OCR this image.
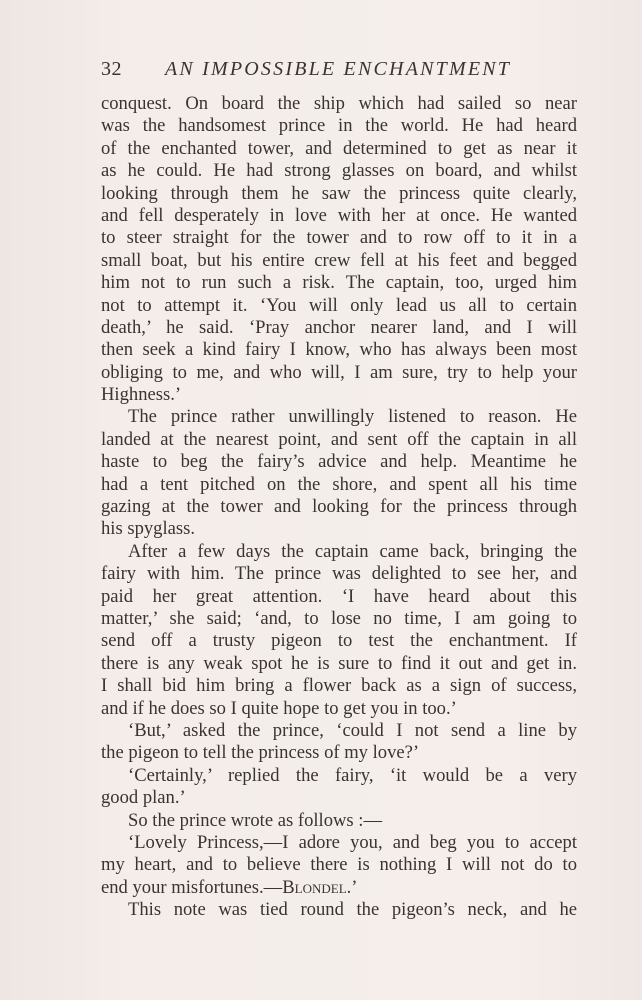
32 AN IMPOSSIBLE ENCHANTMENT
conquest. On board the ship which had sailed so near
was the handsomest prince in the world. He had heard
of the enchanted tower, and determined to get as near it
as he could. He had strong glasses on board, and whilst
looking through them he saw the princess quite clearly,
and fell desperately in love with her at once. He wanted
to steer straight for the tower and to row off to it in a
small boat, but his entire crew fell at his feet and begged
him not to run such a risk. The captain, too, urged him
not to attempt it. ‘You will only lead us all to certain
death,’ he said. ‘Pray anchor nearer land, and I will
then seek a kind fairy I know, who has always been most
obliging to me, and who will, I am sure, try to help your
Highness.’
The prince rather unwillingly listened to reason. He
landed at the nearest point, and sent off the captain in all
haste to beg the fairy’s advice and help. Meantime he
had a tent pitched on the shore, and spent all his time
gazing at the tower and looking for the princess through
his spyglass.
After a few days the captain came back, bringing the
fairy with him. The prince was delighted to see her, and
paid her great attention. ‘I have heard about this
matter,’ she said; ‘and, to lose no time, I am going to
send off a trusty pigeon to test the enchantment. If
there is any weak spot he is sure to find it out and get in.
I shall bid him bring a flower back as a sign of success,
and if he does so I quite hope to get you in too.’
‘But,’ asked the prince, ‘could I not send a line by
the pigeon to tell the princess of my love?’
‘Certainly,’ replied the fairy, ‘it would be a very
good plan.’
So the prince wrote as follows :—
‘Lovely Princess,—I adore you, and beg you to accept
my heart, and to believe there is nothing I will not do to
end your misfortunes.—Blondel.’
This note was tied round the pigeon’s neck, and he
